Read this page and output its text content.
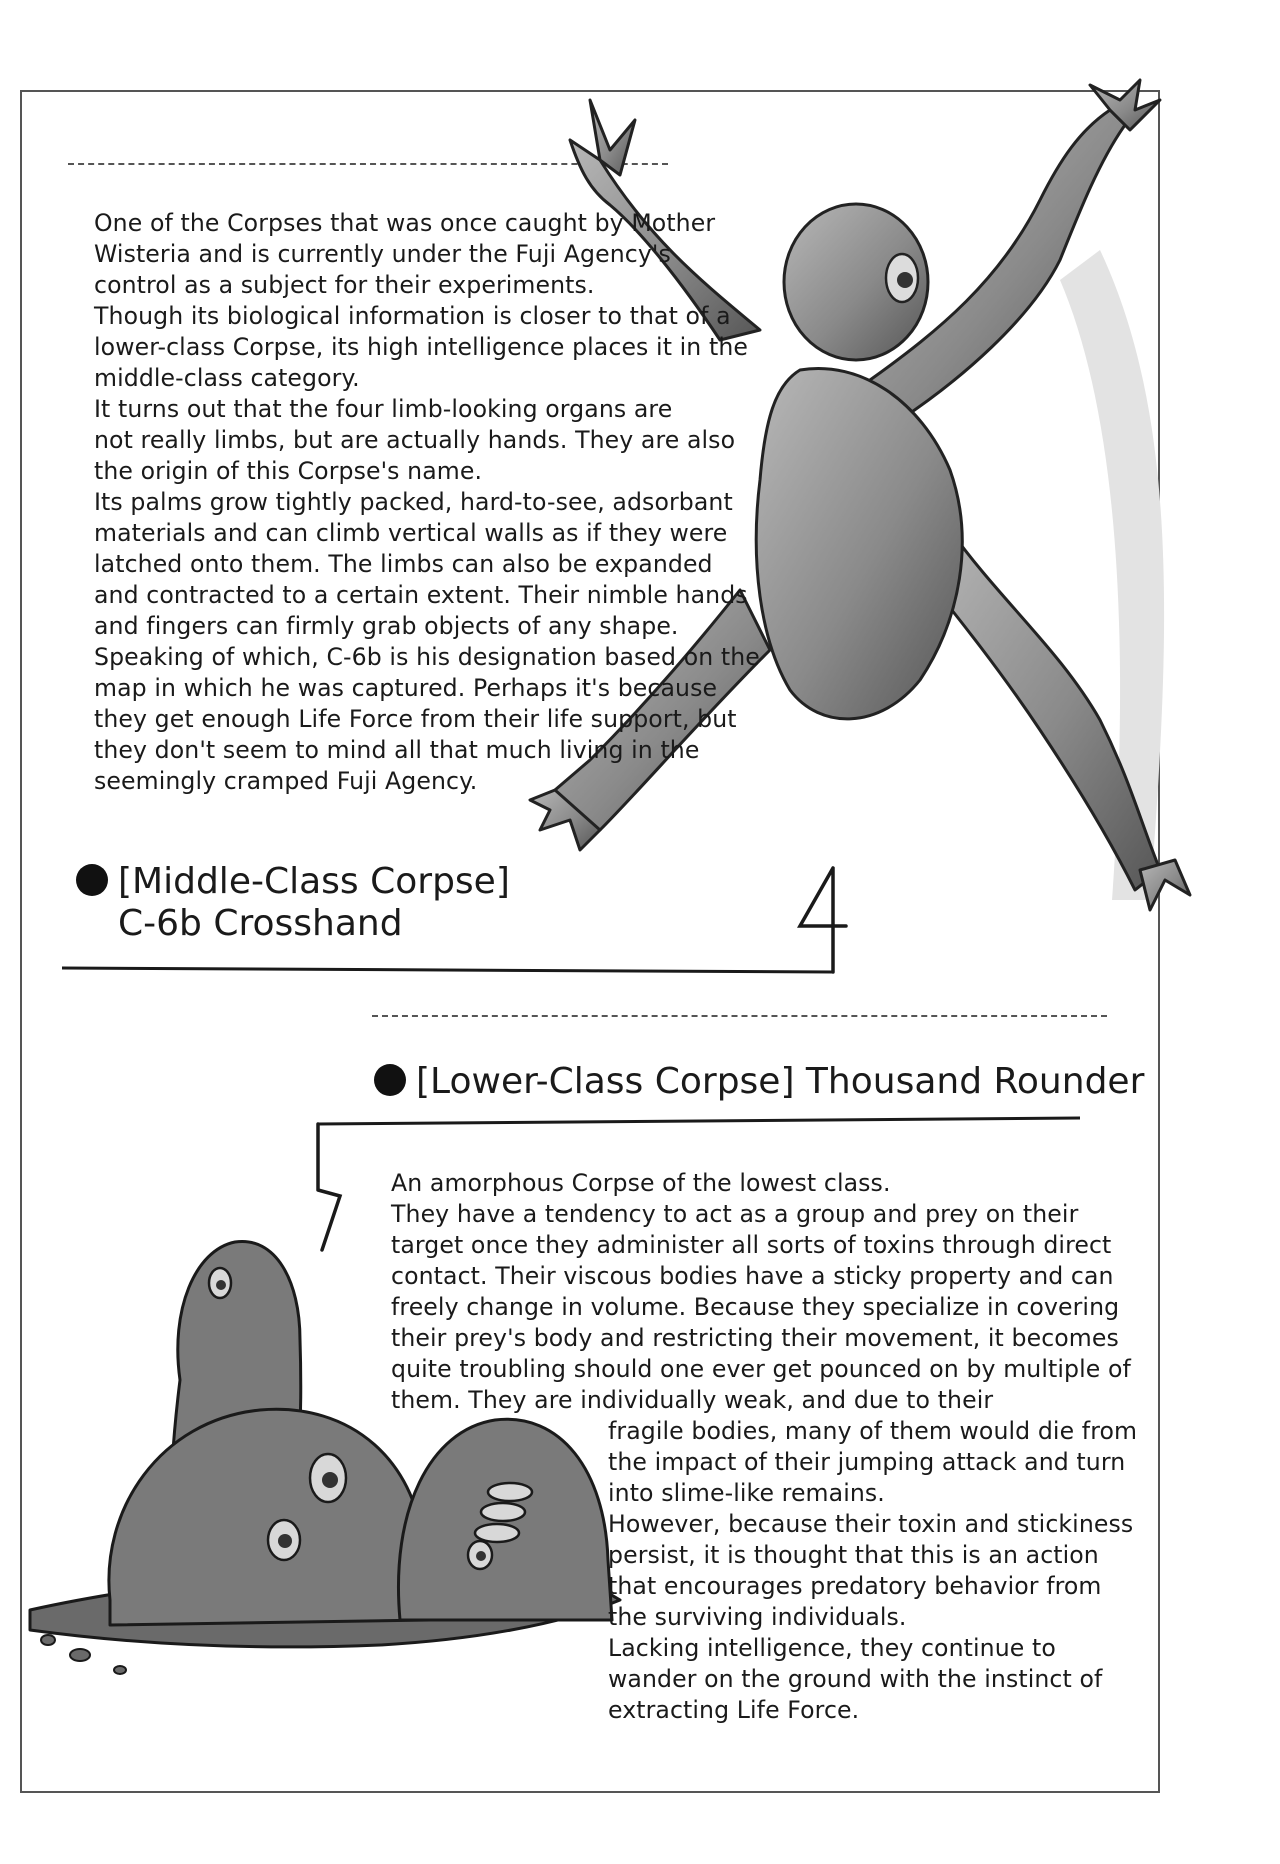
One of the Corpses that was once caught by Mother
Wisteria and is currently under the Fuji Agency's
control as a subject for their experiments.
Though its biological information is closer to that of a
lower-class Corpse, its high intelligence places it in the
middle-class category.
It turns out that the four limb-looking organs are
not really limbs, but are actually hands. They are also
the origin of this Corpse's name.
Its palms grow tightly packed, hard-to-see, adsorbant
materials and can climb vertical walls as if they were
latched onto them. The limbs can also be expanded
and contracted to a certain extent. Their nimble hands
and fingers can firmly grab objects of any shape.
Speaking of which, C-6b is his designation based on the
map in which he was captured. Perhaps it's because
they get enough Life Force from their life support, but
they don't seem to mind all that much living in the
seemingly cramped Fuji Agency.
[Middle-Class Corpse]
C-6b Crosshand
[Lower-Class Corpse] Thousand Rounder
An amorphous Corpse of the lowest class.
They have a tendency to act as a group and prey on their
target once they administer all sorts of toxins through direct
contact. Their viscous bodies have a sticky property and can
freely change in volume. Because they specialize in covering
their prey's body and restricting their movement, it becomes
quite troubling should one ever get pounced on by multiple of
them. They are individually weak, and due to their
fragile bodies, many of them would die from
the impact of their jumping attack and turn
into slime-like remains.
However, because their toxin and stickiness
persist, it is thought that this is an action
that encourages predatory behavior from
the surviving individuals.
Lacking intelligence, they continue to
wander on the ground with the instinct of
extracting Life Force.
